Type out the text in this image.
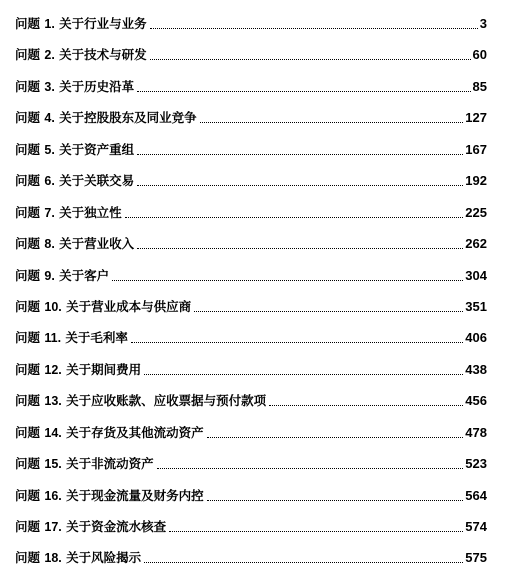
问题 1. 关于行业与业务	3
问题 2. 关于技术与研发	60
问题 3. 关于历史沿革	85
问题 4. 关于控股股东及同业竞争	127
问题 5. 关于资产重组	167
问题 6. 关于关联交易	192
问题 7. 关于独立性	225
问题 8. 关于营业收入	262
问题 9. 关于客户	304
问题 10. 关于营业成本与供应商	351
问题 11. 关于毛利率	406
问题 12. 关于期间费用	438
问题 13. 关于应收账款、应收票据与预付款项	456
问题 14. 关于存货及其他流动资产	478
问题 15. 关于非流动资产	523
问题 16. 关于现金流量及财务内控	564
问题 17. 关于资金流水核查	574
问题 18. 关于风险揭示	575
